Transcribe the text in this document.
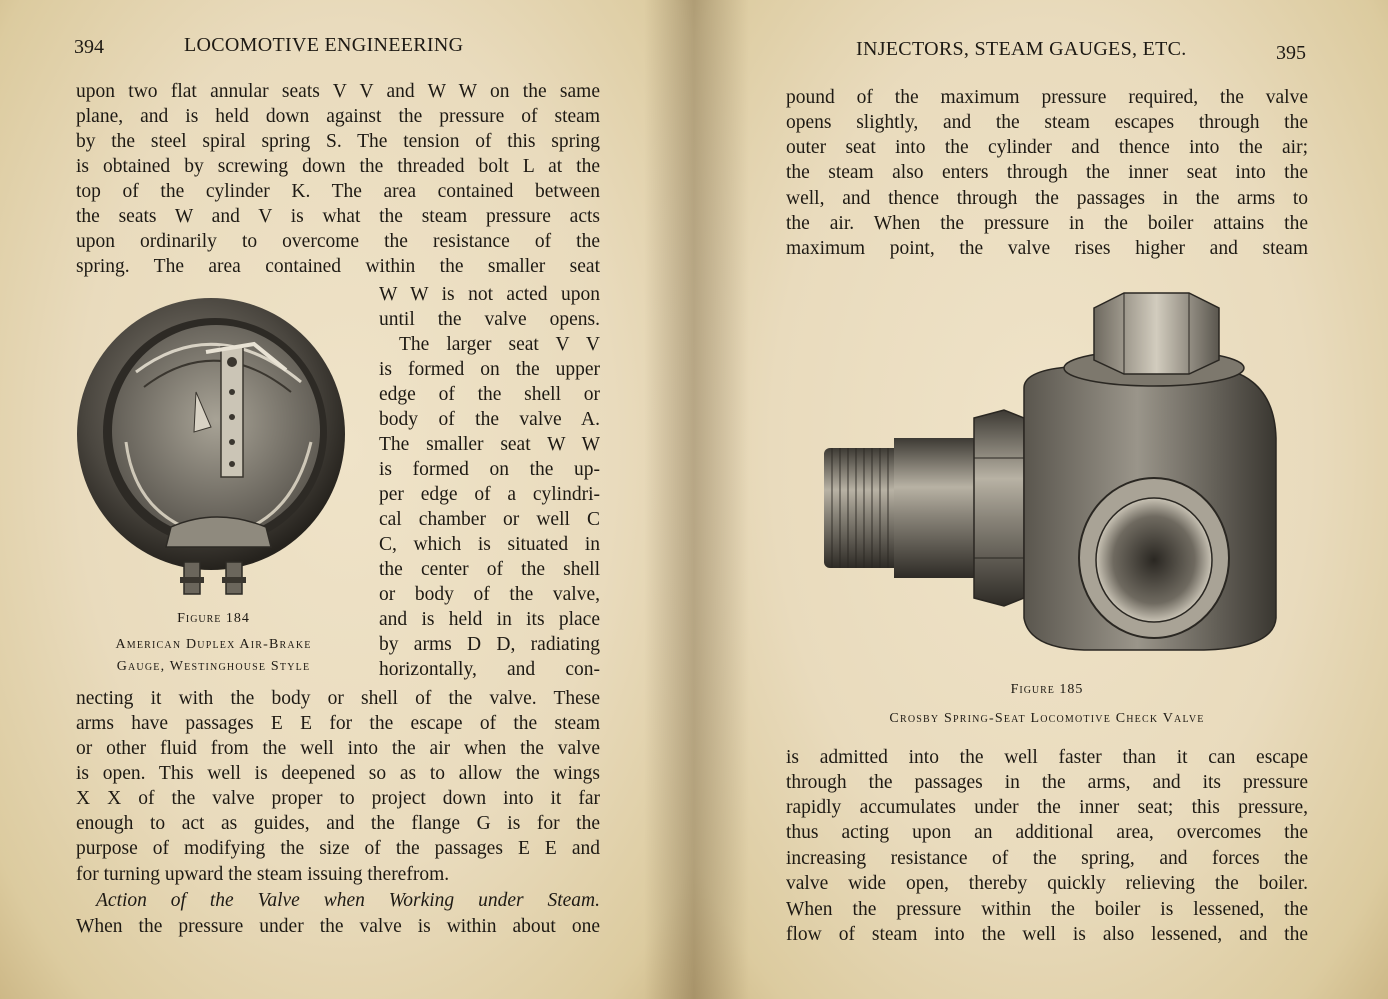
394	LOCOMOTIVE ENGINEERING
upon two flat annular seats V V and W W on the same
plane, and is held down against the pressure of steam
by the steel spiral spring S. The tension of this spring
is obtained by screwing down the threaded bolt L at the
top of the cylinder K. The area contained between
the seats W and V is what the steam pressure acts
upon ordinarily to overcome the resistance of the
spring. The area contained within the smaller seat
Figure 184
American Duplex Air-Brake
Gauge, Westinghouse Style
W W is not acted upon
until the valve opens.
The larger seat V V
is formed on the upper
edge of the shell or
body of the valve A.
The smaller seat W W
is formed on the up-
per edge of a cylindri-
cal chamber or well C
C, which is situated in
the center of the shell
or body of the valve,
and is held in its place
by arms D D, radiating
horizontally, and con-
necting it with the body or shell of the valve. These
arms have passages E E for the escape of the steam
or other fluid from the well into the air when the valve
is open. This well is deepened so as to allow the wings
X X of the valve proper to project down into it far
enough to act as guides, and the flange G is for the
purpose of modifying the size of the passages E E and
for turning upward the steam issuing therefrom.
Action of the Valve when Working under Steam.
When the pressure under the valve is within about one
INJECTORS, STEAM GAUGES, ETC.	395
pound of the maximum pressure required, the valve
opens slightly, and the steam escapes through the
outer seat into the cylinder and thence into the air;
the steam also enters through the inner seat into the
well, and thence through the passages in the arms to
the air. When the pressure in the boiler attains the
maximum point, the valve rises higher and steam
Figure 185
Crosby Spring-Seat Locomotive Check Valve
is admitted into the well faster than it can escape
through the passages in the arms, and its pressure
rapidly accumulates under the inner seat; this pressure,
thus acting upon an additional area, overcomes the
increasing resistance of the spring, and forces the
valve wide open, thereby quickly relieving the boiler.
When the pressure within the boiler is lessened, the
flow of steam into the well is also lessened, and the
